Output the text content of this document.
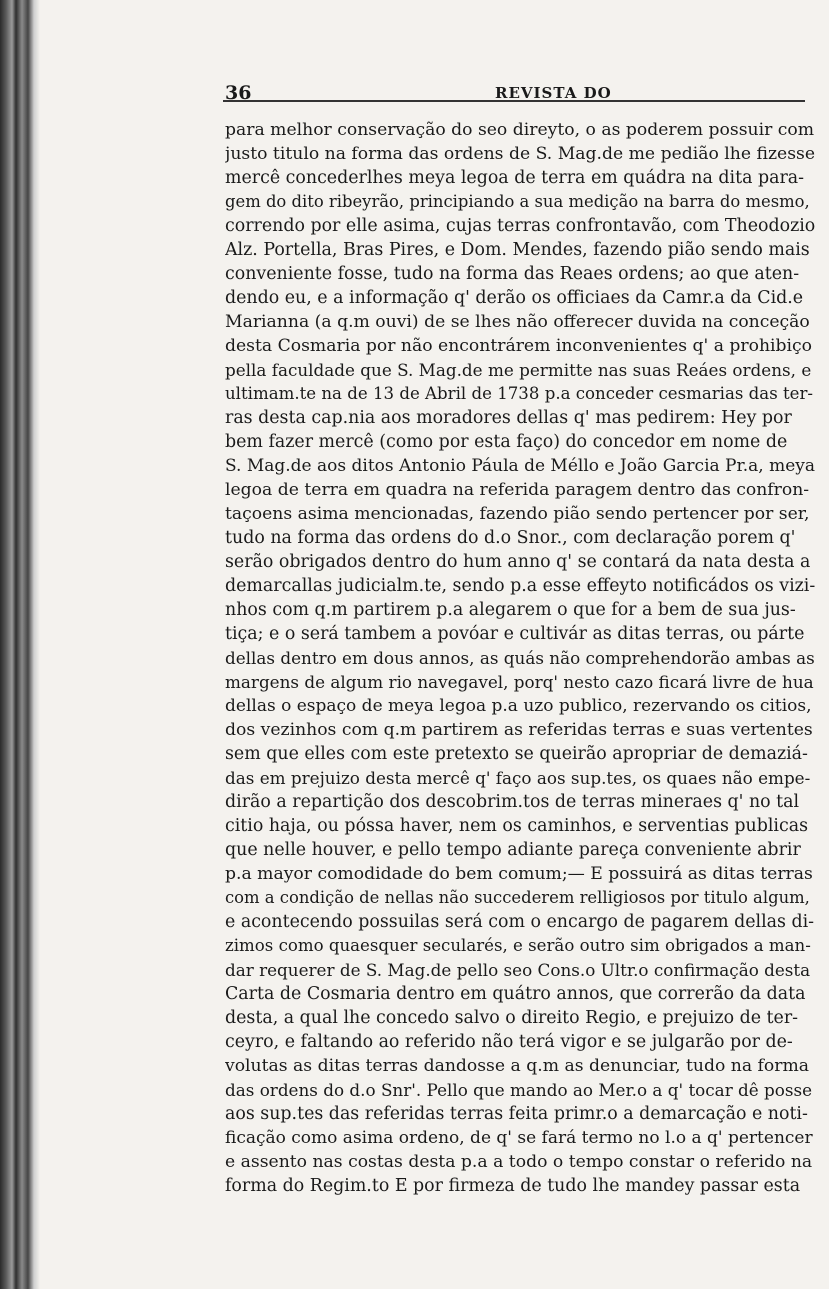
36	REVISTA DO
para melhor conservação do seo direyto, o as poderem possuir com
justo titulo na forma das ordens de S. Mag.de me pedião lhe fizesse
mercê concederlhes meya legoa de terra em quádra na dita para-
gem do dito ribeyrão, principiando a sua medição na barra do mesmo,
correndo por elle asima, cujas terras confrontavão, com Theodozio
Alz. Portella, Bras Pires, e Dom. Mendes, fazendo pião sendo mais
conveniente fosse, tudo na forma das Reaes ordens; ao que aten-
dendo eu, e a informação q' derão os officiaes da Camr.a da Cid.e
Marianna (a q.m ouvi) de se lhes não offerecer duvida na conceção
desta Cosmaria por não encontrárem inconvenientes q' a prohibiço
pella faculdade que S. Mag.de me permitte nas suas Reáes ordens, e
ultimam.te na de 13 de Abril de 1738 p.a conceder cesmarias das ter-
ras desta cap.nia aos moradores dellas q' mas pedirem: Hey por
bem fazer mercê (como por esta faço) do concedor em nome de
S. Mag.de aos ditos Antonio Páula de Méllo e João Garcia Pr.a, meya
legoa de terra em quadra na referida paragem dentro das confron-
taçoens asima mencionadas, fazendo pião sendo pertencer por ser,
tudo na forma das ordens do d.o Snor., com declaração porem q'
serão obrigados dentro do hum anno q' se contará da nata desta a
demarcallas judicialm.te, sendo p.a esse effeyto notificádos os vizi-
nhos com q.m partirem p.a alegarem o que for a bem de sua jus-
tiça; e o será tambem a povóar e cultivár as ditas terras, ou párte
dellas dentro em dous annos, as quás não comprehendorão ambas as
margens de algum rio navegavel, porq' nesto cazo ficará livre de hua
dellas o espaço de meya legoa p.a uzo publico, rezervando os citios,
dos vezinhos com q.m partirem as referidas terras e suas vertentes
sem que elles com este pretexto se queirão apropriar de demaziá-
das em prejuizo desta mercê q' faço aos sup.tes, os quaes não empe-
dirão a repartição dos descobrim.tos de terras mineraes q' no tal
citio haja, ou póssa haver, nem os caminhos, e serventias publicas
que nelle houver, e pello tempo adiante pareça conveniente abrir
p.a mayor comodidade do bem comum;— E possuirá as ditas terras
com a condição de nellas não succederem relligiosos por titulo algum,
e acontecendo possuilas será com o encargo de pagarem dellas di-
zimos como quaesquer secularés, e serão outro sim obrigados a man-
dar requerer de S. Mag.de pello seo Cons.o Ultr.o confirmação desta
Carta de Cosmaria dentro em quátro annos, que correrão da data
desta, a qual lhe concedo salvo o direito Regio, e prejuizo de ter-
ceyro, e faltando ao referido não terá vigor e se julgarão por de-
volutas as ditas terras dandosse a q.m as denunciar, tudo na forma
das ordens do d.o Snr'. Pello que mando ao Mer.o a q' tocar dê posse
aos sup.tes das referidas terras feita primr.o a demarcação e noti-
ficação como asima ordeno, de q' se fará termo no l.o a q' pertencer
e assento nas costas desta p.a a todo o tempo constar o referido na
forma do Regim.to E por firmeza de tudo lhe mandey passar esta
